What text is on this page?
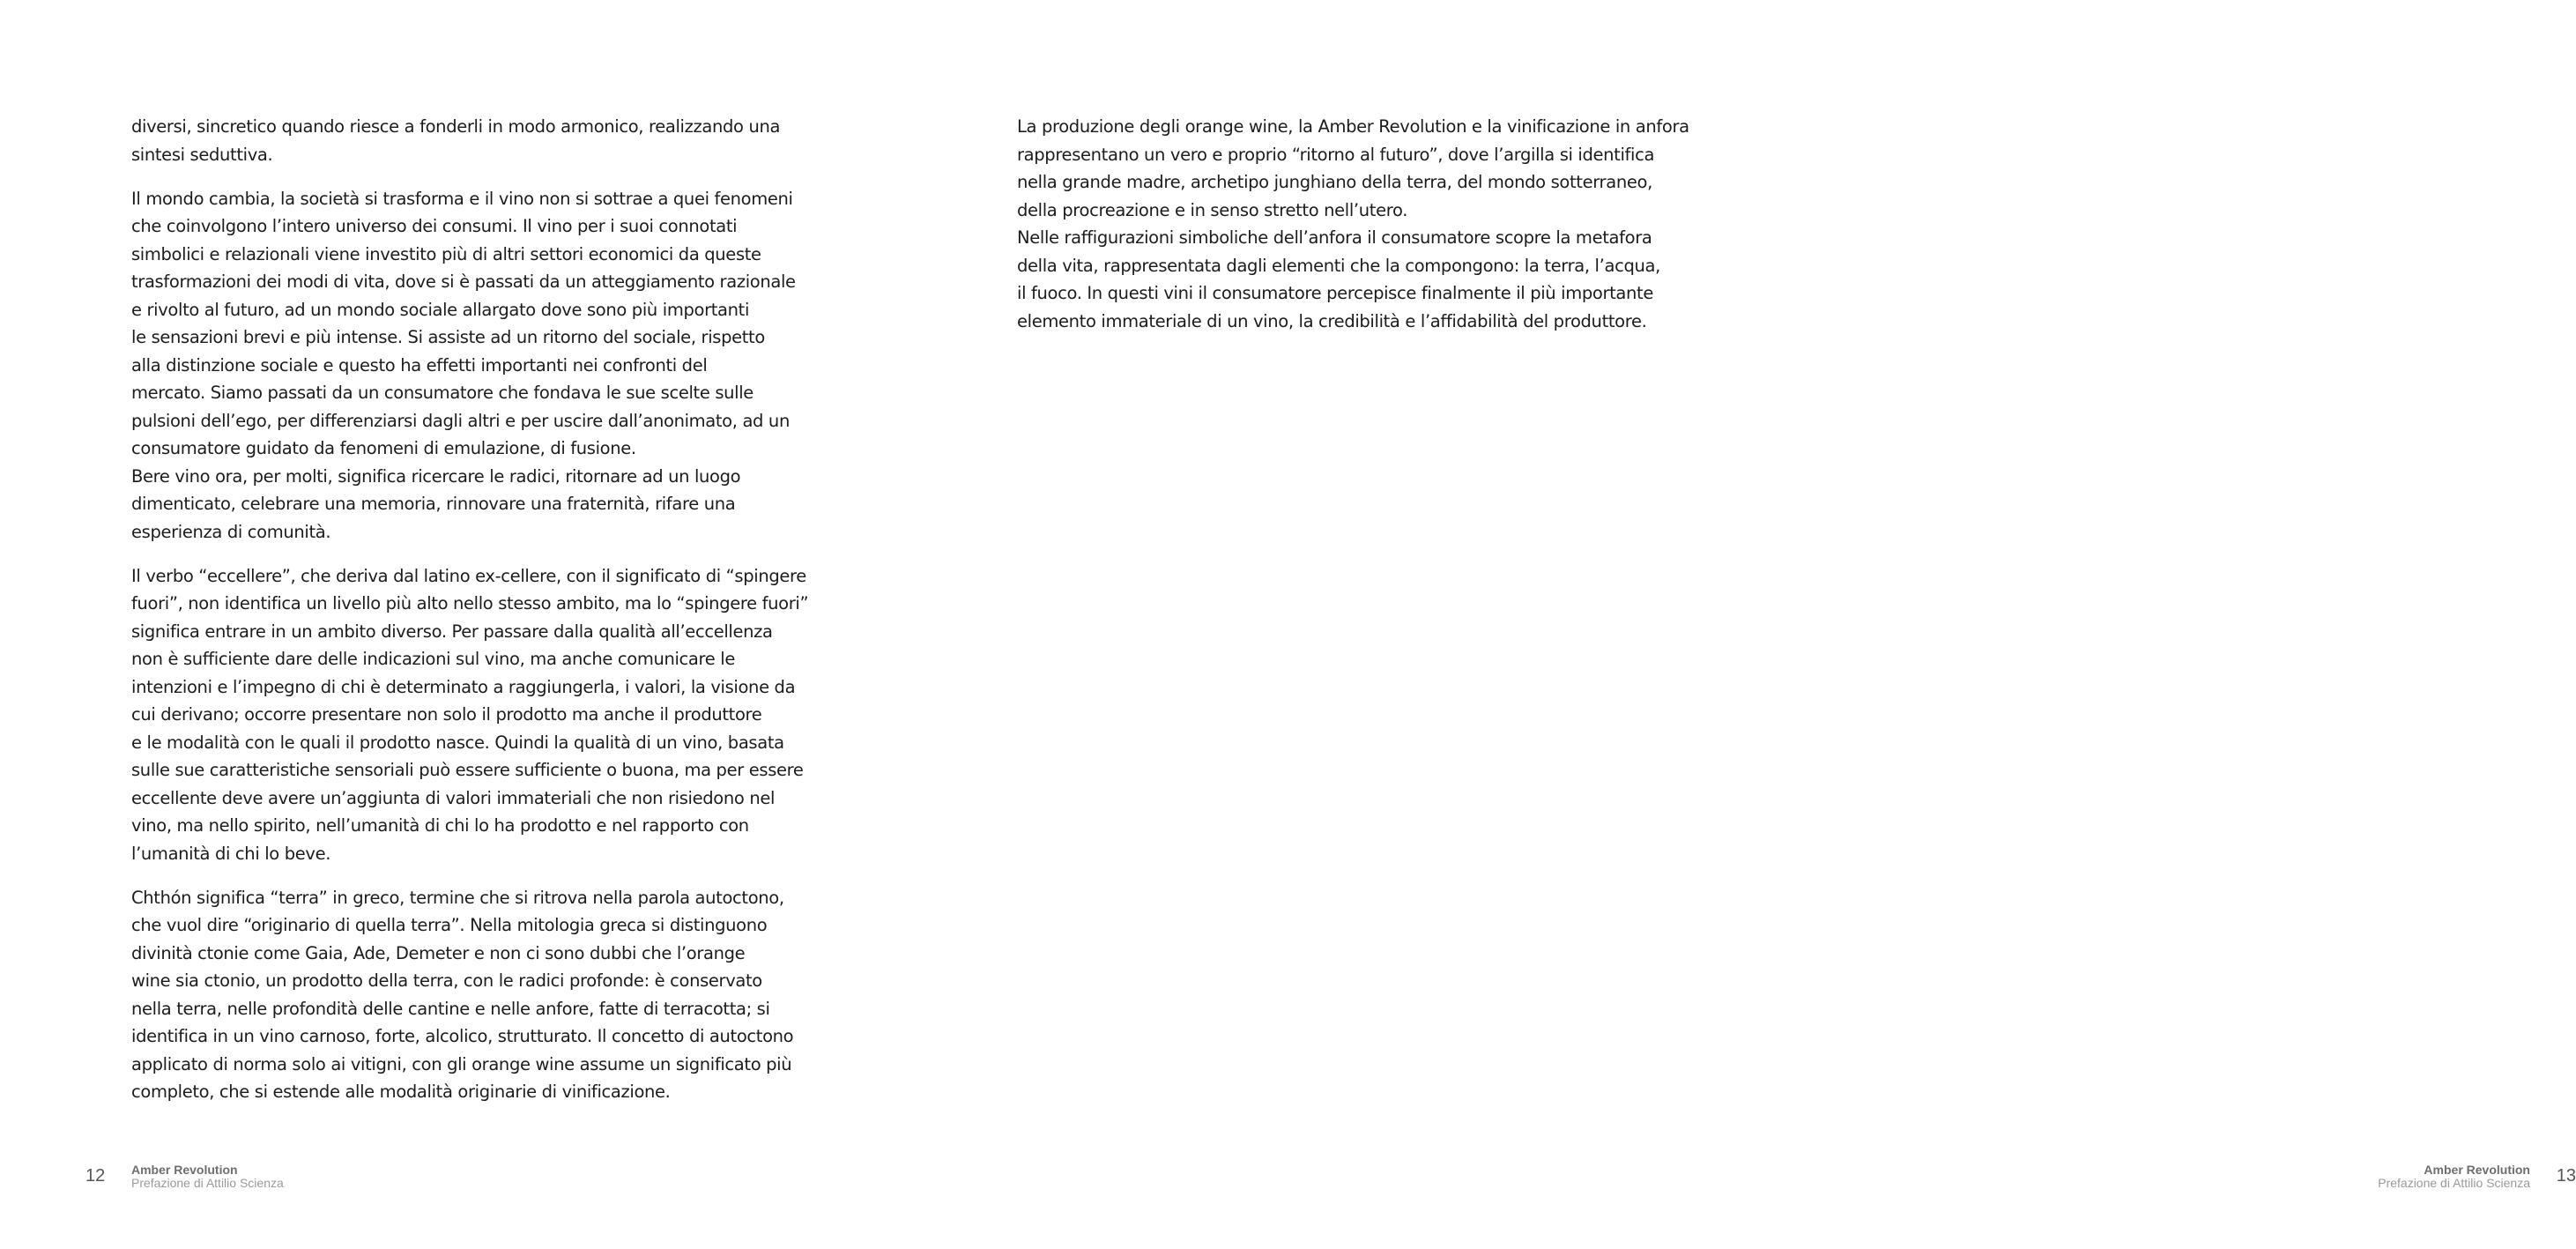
diversi, sincretico quando riesce a fonderli in modo armonico, realizzando una
sintesi seduttiva.
Il mondo cambia, la società si trasforma e il vino non si sottrae a quei fenomeni
che coinvolgono l’intero universo dei consumi. Il vino per i suoi connotati
simbolici e relazionali viene investito più di altri settori economici da queste
trasformazioni dei modi di vita, dove si è passati da un atteggiamento razionale
e rivolto al futuro, ad un mondo sociale allargato dove sono più importanti
le sensazioni brevi e più intense. Si assiste ad un ritorno del sociale, rispetto
alla distinzione sociale e questo ha effetti importanti nei confronti del
mercato. Siamo passati da un consumatore che fondava le sue scelte sulle
pulsioni dell’ego, per differenziarsi dagli altri e per uscire dall’anonimato, ad un
consumatore guidato da fenomeni di emulazione, di fusione.
Bere vino ora, per molti, significa ricercare le radici, ritornare ad un luogo
dimenticato, celebrare una memoria, rinnovare una fraternità, rifare una
esperienza di comunità.
Il verbo “eccellere”, che deriva dal latino ex-cellere, con il significato di “spingere
fuori”, non identifica un livello più alto nello stesso ambito, ma lo “spingere fuori”
significa entrare in un ambito diverso. Per passare dalla qualità all’eccellenza
non è sufficiente dare delle indicazioni sul vino, ma anche comunicare le
intenzioni e l’impegno di chi è determinato a raggiungerla, i valori, la visione da
cui derivano; occorre presentare non solo il prodotto ma anche il produttore
e le modalità con le quali il prodotto nasce. Quindi la qualità di un vino, basata
sulle sue caratteristiche sensoriali può essere sufficiente o buona, ma per essere
eccellente deve avere un’aggiunta di valori immateriali che non risiedono nel
vino, ma nello spirito, nell’umanità di chi lo ha prodotto e nel rapporto con
l’umanità di chi lo beve.
Chthón significa “terra” in greco, termine che si ritrova nella parola autoctono,
che vuol dire “originario di quella terra”. Nella mitologia greca si distinguono
divinità ctonie come Gaia, Ade, Demeter e non ci sono dubbi che l’orange
wine sia ctonio, un prodotto della terra, con le radici profonde: è conservato
nella terra, nelle profondità delle cantine e nelle anfore, fatte di terracotta; si
identifica in un vino carnoso, forte, alcolico, strutturato. Il concetto di autoctono
applicato di norma solo ai vitigni, con gli orange wine assume un significato più
completo, che si estende alle modalità originarie di vinificazione.
12 Amber Revolution
Prefazione di Attilio Scienza
La produzione degli orange wine, la Amber Revolution e la vinificazione in anfora
rappresentano un vero e proprio “ritorno al futuro”, dove l’argilla si identifica
nella grande madre, archetipo junghiano della terra, del mondo sotterraneo,
della procreazione e in senso stretto nell’utero.
Nelle raffigurazioni simboliche dell’anfora il consumatore scopre la metafora
della vita, rappresentata dagli elementi che la compongono: la terra, l’acqua,
il fuoco. In questi vini il consumatore percepisce finalmente il più importante
elemento immateriale di un vino, la credibilità e l’affidabilità del produttore.
Amber Revolution
Prefazione di Attilio Scienza 13
